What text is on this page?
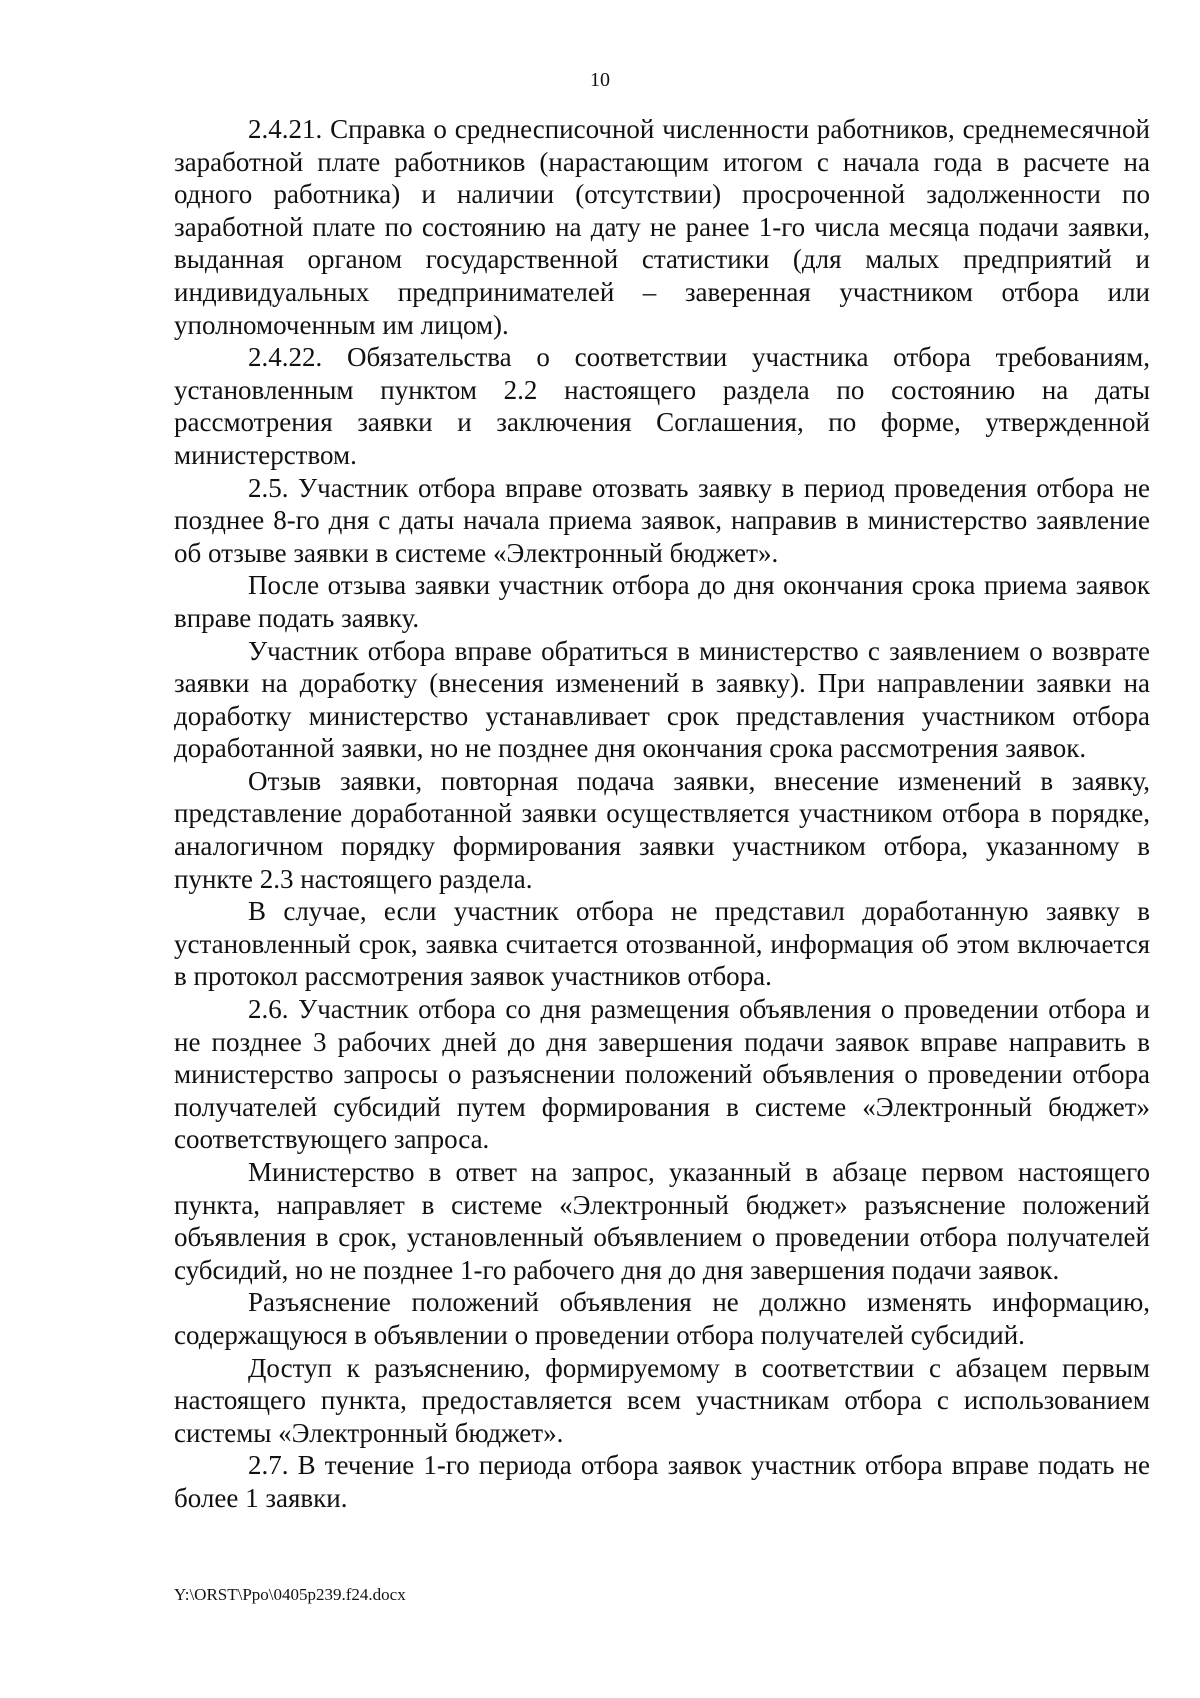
10

2.4.21. Справка о среднесписочной численности работников, среднемесячной заработной плате работников (нарастающим итогом с начала года в расчете на одного работника) и наличии (отсутствии) просроченной задолженности по заработной плате по состоянию на дату не ранее 1-го числа месяца подачи заявки, выданная органом государственной статистики (для малых предприятий и индивидуальных предпринимателей – заверенная участником отбора или уполномоченным им лицом).

2.4.22. Обязательства о соответствии участника отбора требованиям, установленным пунктом 2.2 настоящего раздела по состоянию на даты рассмотрения заявки и заключения Соглашения, по форме, утвержденной министерством.

2.5. Участник отбора вправе отозвать заявку в период проведения отбора не позднее 8-го дня с даты начала приема заявок, направив в министерство заявление об отзыве заявки в системе «Электронный бюджет».

После отзыва заявки участник отбора до дня окончания срока приема заявок вправе подать заявку.

Участник отбора вправе обратиться в министерство с заявлением о возврате заявки на доработку (внесения изменений в заявку). При направлении заявки на доработку министерство устанавливает срок представления участником отбора доработанной заявки, но не позднее дня окончания срока рассмотрения заявок.

Отзыв заявки, повторная подача заявки, внесение изменений в заявку, представление доработанной заявки осуществляется участником отбора в порядке, аналогичном порядку формирования заявки участником отбора, указанному в пункте 2.3 настоящего раздела.

В случае, если участник отбора не представил доработанную заявку в установленный срок, заявка считается отозванной, информация об этом включается в протокол рассмотрения заявок участников отбора.

2.6. Участник отбора со дня размещения объявления о проведении отбора и не позднее 3 рабочих дней до дня завершения подачи заявок вправе направить в министерство запросы о разъяснении положений объявления о проведении отбора получателей субсидий путем формирования в системе «Электронный бюджет» соответствующего запроса.

Министерство в ответ на запрос, указанный в абзаце первом настоящего пункта, направляет в системе «Электронный бюджет» разъяснение положений объявления в срок, установленный объявлением о проведении отбора получателей субсидий, но не позднее 1-го рабочего дня до дня завершения подачи заявок.

Разъяснение положений объявления не должно изменять информацию, содержащуюся в объявлении о проведении отбора получателей субсидий.

Доступ к разъяснению, формируемому в соответствии с абзацем первым настоящего пункта, предоставляется всем участникам отбора с использованием системы «Электронный бюджет».

2.7. В течение 1-го периода отбора заявок участник отбора вправе подать не более 1 заявки.

Y:\ORST\Ppo\0405p239.f24.docx
